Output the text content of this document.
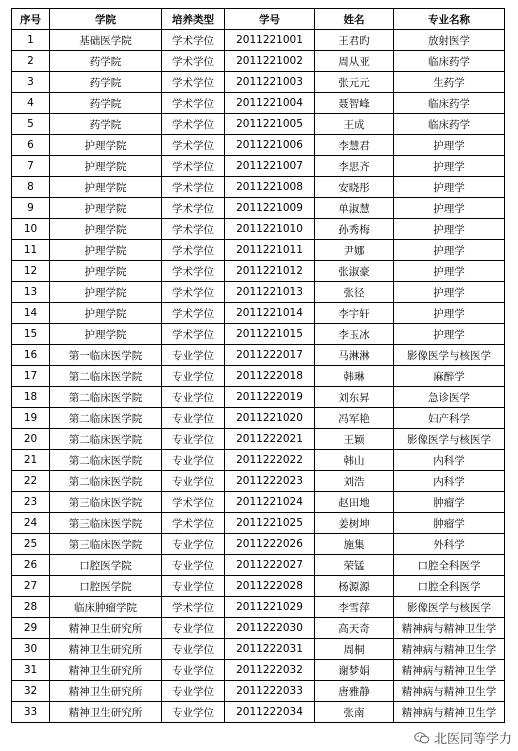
序号	学院	培养类型	学号	姓名	专业名称
1	基础医学院	学术学位	2011221001	王君旳	放射医学
2	药学院	学术学位	2011221002	周从亚	临床药学
3	药学院	学术学位	2011221003	张元元	生药学
4	药学院	学术学位	2011221004	聂智峰	临床药学
5	药学院	学术学位	2011221005	王成	临床药学
6	护理学院	学术学位	2011221006	李慧君	护理学
7	护理学院	学术学位	2011221007	李思齐	护理学
8	护理学院	学术学位	2011221008	安晓彤	护理学
9	护理学院	学术学位	2011221009	单淑慧	护理学
10	护理学院	学术学位	2011221010	孙秀梅	护理学
11	护理学院	学术学位	2011221011	尹娜	护理学
12	护理学院	学术学位	2011221012	张淑豪	护理学
13	护理学院	学术学位	2011221013	张径	护理学
14	护理学院	学术学位	2011221014	李宇轩	护理学
15	护理学院	学术学位	2011221015	李玉冰	护理学
16	第一临床医学院	专业学位	2011222017	马淋淋	影像医学与核医学
17	第二临床医学院	专业学位	2011222018	韩琳	麻醉学
18	第二临床医学院	专业学位	2011222019	刘东昇	急诊医学
19	第二临床医学院	专业学位	2011221020	冯军艳	妇产科学
20	第二临床医学院	专业学位	2011222021	王颖	影像医学与核医学
21	第二临床医学院	专业学位	2011222022	韩山	内科学
22	第二临床医学院	专业学位	2011222023	刘浩	内科学
23	第三临床医学院	学术学位	2011221024	赵田地	肿瘤学
24	第三临床医学院	学术学位	2011221025	姜树坤	肿瘤学
25	第三临床医学院	专业学位	2011222026	施集	外科学
26	口腔医学院	专业学位	2011222027	荣锰	口腔全科医学
27	口腔医学院	专业学位	2011222028	杨源源	口腔全科医学
28	临床肿瘤学院	学术学位	2011221029	李雪萍	影像医学与核医学
29	精神卫生研究所	专业学位	2011222030	高天奇	精神病与精神卫生学
30	精神卫生研究所	专业学位	2011222031	周桐	精神病与精神卫生学
31	精神卫生研究所	专业学位	2011222032	谢梦娟	精神病与精神卫生学
32	精神卫生研究所	专业学位	2011222033	唐雅静	精神病与精神卫生学
33	精神卫生研究所	专业学位	2011222034	张南	精神病与精神卫生学
北医同等学力
